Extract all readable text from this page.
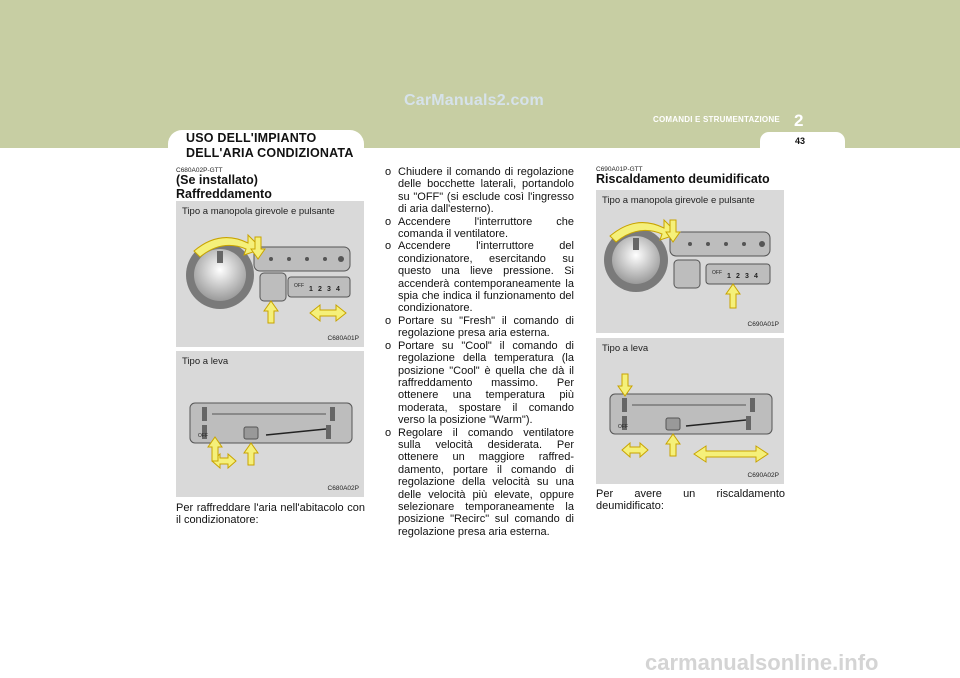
CarManuals2.com
COMANDI E STRUMENTAZIONE 2
43
USO DELL'IMPIANTO
DELL'ARIA CONDIZIONATA
C680A02P-GTT
(Se installato)
Raffreddamento
Tipo a manopola girevole e pulsante
OFF 1 2 3 4
C680A01P
Tipo a leva
OFF
C680A02P
Per raffreddare l'aria nell'abitacolo con il condizionatore:
o Chiudere il comando di regolazione delle bocchette laterali, portandolo su "OFF" (si esclude così l'ingresso di aria dall'esterno).
o Accendere l'interruttore che comanda il ventilatore.
o Accendere l'interruttore del condizionatore, esercitando su questo una lieve pressione. Si accenderà contemporaneamente la spia che indica il funzionamento del condizionatore.
o Portare su "Fresh" il comando di regolazione presa aria esterna.
o Portare su "Cool" il comando di regolazione della temperatura (la posizione "Cool" è quella che dà il raffreddamento massimo. Per ottenere una temperatura più moderata, spostare il comando verso la posizione "Warm").
o Regolare il comando ventilatore sulla velocità desiderata. Per ottenere un maggiore raffred-damento, portare il comando di regolazione della velocità su una delle velocità più elevate, oppure selezionare temporaneamente la posizione "Recirc" sul comando di regolazione presa aria esterna.
C690A01P-GTT
Riscaldamento deumidificato
Tipo a manopola girevole e pulsante
OFF 1 2 3 4
C690A01P
Tipo a leva
OFF
C690A02P
Per avere un riscaldamento deumidificato:
carmanualsonline.info
